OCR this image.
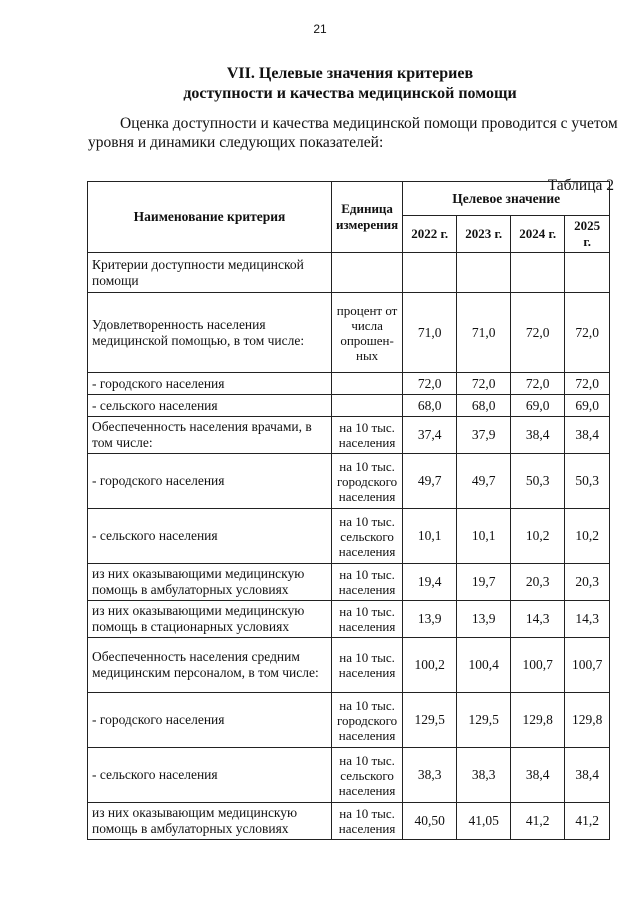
21
VII. Целевые значения критериев
доступности и качества медицинской помощи
Оценка доступности и качества медицинской помощи проводится с учетом
уровня и динамики следующих показателей:
Таблица 2
Наименование критерия	Единица измерения	Целевое значение			
		2022 г.	2023 г.	2024 г.	2025 г.
Критерии доступности медицинской помощи					
Удовлетворенность населения медицинской помощью, в том числе:	процент от числа опрошен-ных	71,0	71,0	72,0	72,0
- городского населения		72,0	72,0	72,0	72,0
- сельского населения		68,0	68,0	69,0	69,0
Обеспеченность населения врачами, в том числе:	на 10 тыс. населения	37,4	37,9	38,4	38,4
- городского населения	на 10 тыс. городского населения	49,7	49,7	50,3	50,3
- сельского населения	на 10 тыс. сельского населения	10,1	10,1	10,2	10,2
из них оказывающими медицинскую помощь в амбулаторных условиях	на 10 тыс. населения	19,4	19,7	20,3	20,3
из них оказывающими медицинскую помощь в стационарных условиях	на 10 тыс. населения	13,9	13,9	14,3	14,3
Обеспеченность населения средним медицинским персоналом, в том числе:	на 10 тыс. населения	100,2	100,4	100,7	100,7
- городского населения	на 10 тыс. городского населения	129,5	129,5	129,8	129,8
- сельского населения	на 10 тыс. сельского населения	38,3	38,3	38,4	38,4
из них оказывающим медицинскую помощь в амбулаторных условиях	на 10 тыс. населения	40,50	41,05	41,2	41,2
